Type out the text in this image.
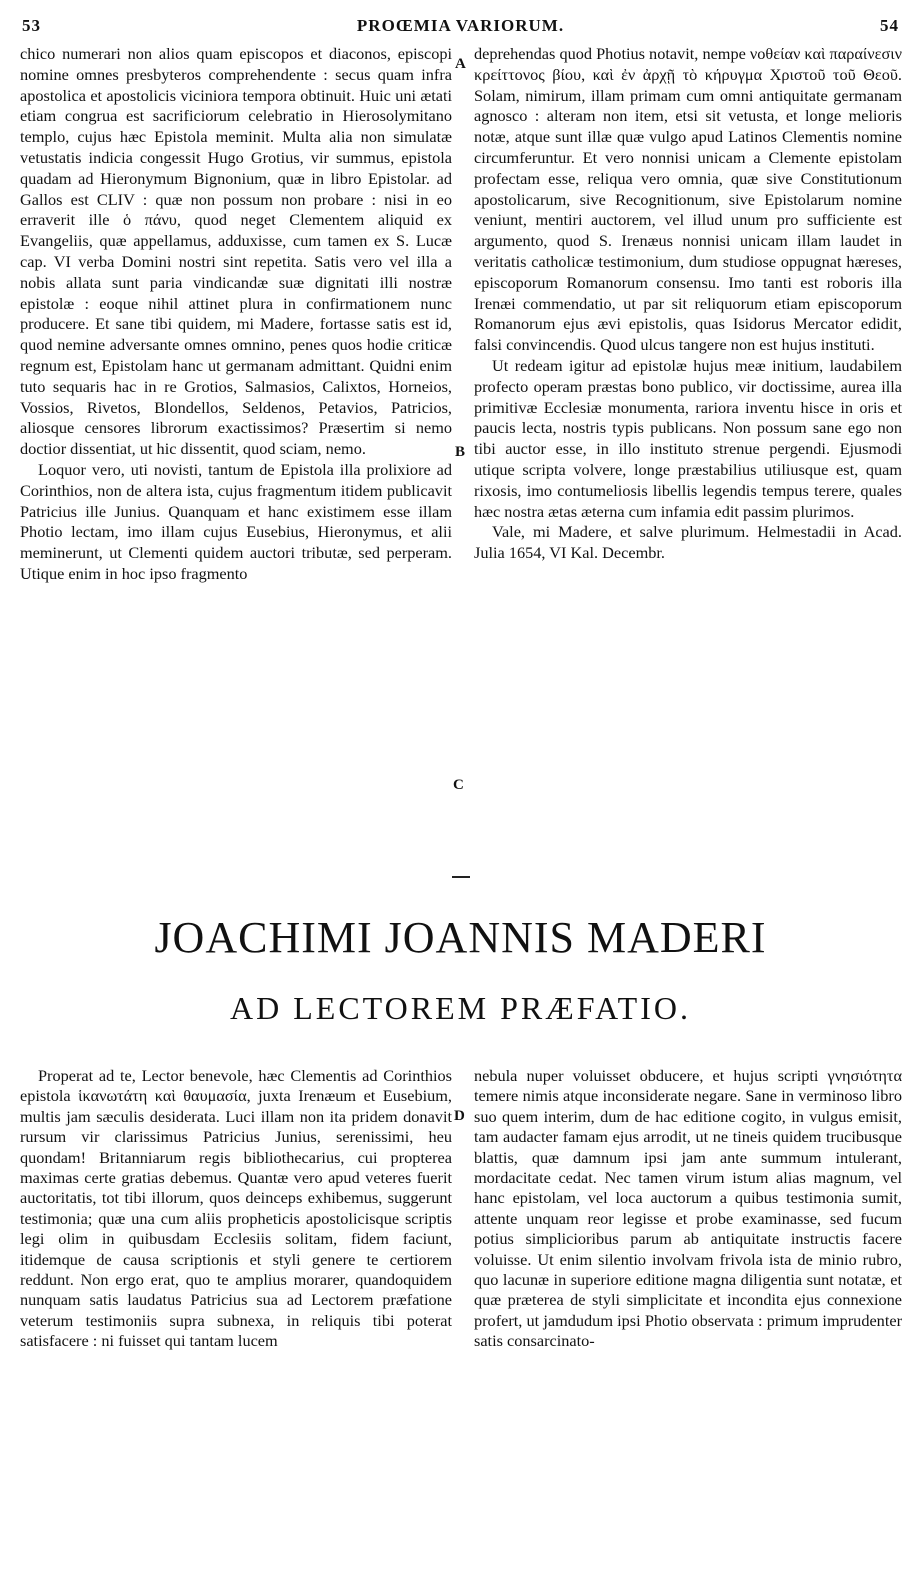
53	PROŒMIA VARIORUM.	54

chico numerari non alios quam episcopos et diaconos, episcopi nomine omnes presbyteros comprehendente : secus quam infra apostolica et apostolicis viciniora tempora obtinuit. Huic uni ætati etiam congrua est sacrificiorum celebratio in Hierosolymitano templo, cujus hæc Epistola meminit. Multa alia non simulatæ vetustatis indicia congessit Hugo Grotius, vir summus, epistola quadam ad Hieronymum Bignonium, quæ in libro Epistolar. ad Gallos est CLIV : quæ non possum non probare : nisi in eo erraverit ille ὁ πάνυ, quod neget Clementem aliquid ex Evangeliis, quæ appellamus, adduxisse, cum tamen ex S. Lucæ cap. VI verba Domini nostri sint repetita. Satis vero vel illa a nobis allata sunt paria vindicandæ suæ dignitati illi nostræ epistolæ : eoque nihil attinet plura in confirmationem nunc producere. Et sane tibi quidem, mi Madere, fortasse satis est id, quod nemine adversante omnes omnino, penes quos hodie criticæ regnum est, Epistolam hanc ut germanam admittant. Quidni enim tuto sequaris hac in re Grotios, Salmasios, Calixtos, Horneios, Vossios, Rivetos, Blondellos, Seldenos, Petavios, Patricios, aliosque censores librorum exactissimos? Præsertim si nemo doctior dissentiat, ut hic dissentit, quod sciam, nemo.

Loquor vero, uti novisti, tantum de Epistola illa prolixiore ad Corinthios, non de altera ista, cujus fragmentum itidem publicavit Patricius ille Junius. Quanquam et hanc existimem esse illam Photio lectam, imo illam cujus Eusebius, Hieronymus, et alii meminerunt, ut Clementi quidem auctori tributæ, sed perperam. Utique enim in hoc ipso fragmento

A
B
C

deprehendas quod Photius notavit, nempe νοθείαν καὶ παραίνεσιν κρείττονος βίου, καὶ ἐν ἀρχῇ τὸ κήρυγμα Χριστοῦ τοῦ Θεοῦ. Solam, nimirum, illam primam cum omni antiquitate germanam agnosco : alteram non item, etsi sit vetusta, et longe melioris notæ, atque sunt illæ quæ vulgo apud Latinos Clementis nomine circumferuntur. Et vero nonnisi unicam a Clemente epistolam profectam esse, reliqua vero omnia, quæ sive Constitutionum apostolicarum, sive Recognitionum, sive Epistolarum nomine veniunt, mentiri auctorem, vel illud unum pro sufficiente est argumento, quod S. Irenæus nonnisi unicam illam laudet in veritatis catholicæ testimonium, dum studiose oppugnat hæreses, episcoporum Romanorum consensu. Imo tanti est roboris illa Irenæi commendatio, ut par sit reliquorum etiam episcoporum Romanorum ejus ævi epistolis, quas Isidorus Mercator edidit, falsi convincendis. Quod ulcus tangere non est hujus instituti.

Ut redeam igitur ad epistolæ hujus meæ initium, laudabilem profecto operam præstas bono publico, vir doctissime, aurea illa primitivæ Ecclesiæ monumenta, rariora inventu hisce in oris et paucis lecta, nostris typis publicans. Non possum sane ego non tibi auctor esse, in illo instituto strenue pergendi. Ejusmodi utique scripta volvere, longe præstabilius utiliusque est, quam rixosis, imo contumeliosis libellis legendis tempus terere, quales hæc nostra ætas æterna cum infamia edit passim plurimos.

Vale, mi Madere, et salve plurimum. Helmestadii in Acad. Julia 1654, VI Kal. Decembr.

JOACHIMI JOANNIS MADERI
AD LECTOREM PRÆFATIO.

Properat ad te, Lector benevole, hæc Clementis ad Corinthios epistola ἱκανωτάτη καὶ θαυμασία, juxta Irenæum et Eusebium, multis jam sæculis desiderata. Luci illam non ita pridem donavit rursum vir clarissimus Patricius Junius, serenissimi, heu quondam! Britanniarum regis bibliothecarius, cui propterea maximas certe gratias debemus. Quantæ vero apud veteres fuerit auctoritatis, tot tibi illorum, quos deinceps exhibemus, suggerunt testimonia; quæ una cum aliis propheticis apostolicisque scriptis legi olim in quibusdam Ecclesiis solitam, fidem faciunt, itidemque de causa scriptionis et styli genere te certiorem reddunt. Non ergo erat, quo te amplius morarer, quandoquidem nunquam satis laudatus Patricius sua ad Lectorem præfatione veterum testimoniis supra subnexa, in reliquis tibi poterat satisfacere : ni fuisset qui tantam lucem

D

nebula nuper voluisset obducere, et hujus scripti γνησιότητα temere nimis atque inconsiderate negare. Sane in verminoso libro suo quem interim, dum de hac editione cogito, in vulgus emisit, tam audacter famam ejus arrodit, ut ne tineis quidem trucibusque blattis, quæ damnum ipsi jam ante summum intulerant, mordacitate cedat. Nec tamen virum istum alias magnum, vel hanc epistolam, vel loca auctorum a quibus testimonia sumit, attente unquam reor legisse et probe examinasse, sed fucum potius simplicioribus parum ab antiquitate instructis facere voluisse. Ut enim silentio involvam frivola ista de minio rubro, quo lacunæ in superiore editione magna diligentia sunt notatæ, et quæ præterea de styli simplicitate et incondita ejus connexione profert, ut jamdudum ipsi Photio observata : primum imprudenter satis consarcinato-
